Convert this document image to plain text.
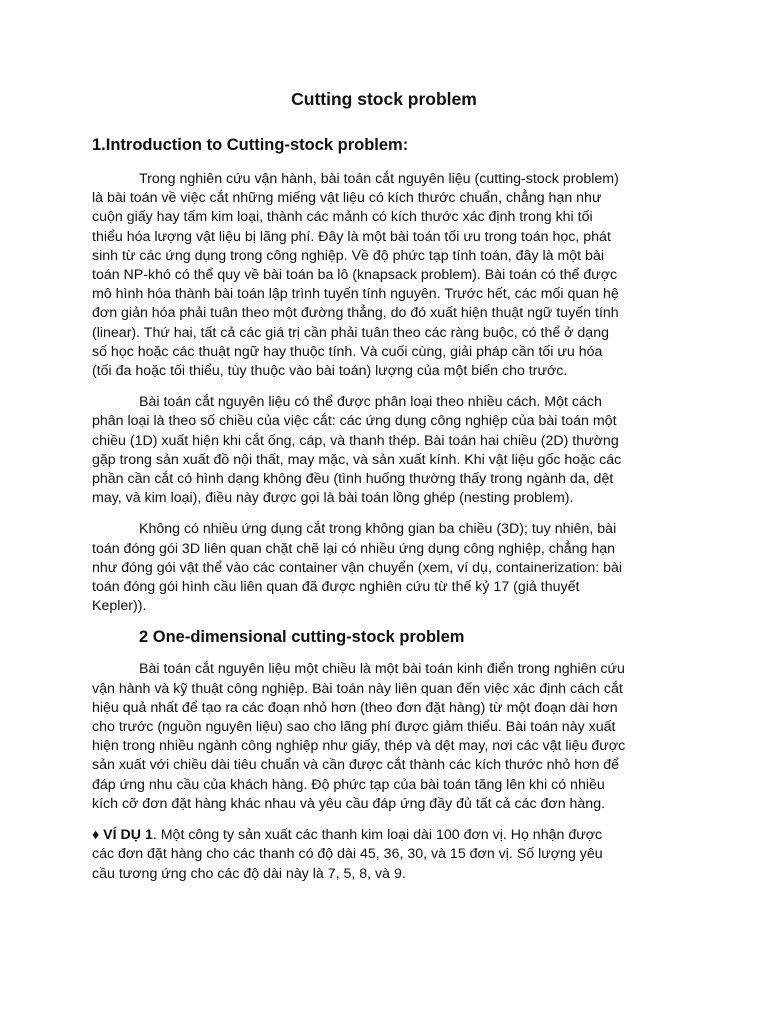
Cutting stock problem
1.Introduction to Cutting-stock problem:

Trong nghiên cứu vận hành, bài toán cắt nguyên liệu (cutting-stock problem)
là bài toán về việc cắt những miếng vật liệu có kích thước chuẩn, chẳng hạn như
cuộn giấy hay tấm kim loại, thành các mảnh có kích thước xác định trong khi tối
thiểu hóa lượng vật liệu bị lãng phí. Đây là một bài toán tối ưu trong toán học, phát
sinh từ các ứng dụng trong công nghiệp. Về độ phức tạp tính toán, đây là một bài
toán NP-khó có thể quy về bài toán ba lô (knapsack problem). Bài toán có thể được
mô hình hóa thành bài toán lập trình tuyến tính nguyên. Trước hết, các mối quan hệ
đơn giản hóa phải tuân theo một đường thẳng, do đó xuất hiện thuật ngữ tuyến tính
(linear). Thứ hai, tất cả các giá trị cần phải tuân theo các ràng buộc, có thể ở dạng
số học hoặc các thuật ngữ hay thuộc tính. Và cuối cùng, giải pháp cần tối ưu hóa
(tối đa hoặc tối thiểu, tùy thuộc vào bài toán) lượng của một biến cho trước.

Bài toán cắt nguyên liệu có thể được phân loại theo nhiều cách. Một cách
phân loại là theo số chiều của việc cắt: các ứng dụng công nghiệp của bài toán một
chiều (1D) xuất hiện khi cắt ống, cáp, và thanh thép. Bài toán hai chiều (2D) thường
gặp trong sản xuất đồ nội thất, may mặc, và sản xuất kính. Khi vật liệu gốc hoặc các
phần cần cắt có hình dạng không đều (tình huống thường thấy trong ngành da, dệt
may, và kim loại), điều này được gọi là bài toán lồng ghép (nesting problem).

Không có nhiều ứng dụng cắt trong không gian ba chiều (3D); tuy nhiên, bài
toán đóng gói 3D liên quan chặt chẽ lại có nhiều ứng dụng công nghiệp, chẳng hạn
như đóng gói vật thể vào các container vận chuyển (xem, ví dụ, containerization: bài
toán đóng gói hình cầu liên quan đã được nghiên cứu từ thế kỷ 17 (giả thuyết
Kepler)).

2 One-dimensional cutting-stock problem

Bài toán cắt nguyên liệu một chiều là một bài toán kinh điển trong nghiên cứu
vận hành và kỹ thuật công nghiệp. Bài toán này liên quan đến việc xác định cách cắt
hiệu quả nhất để tạo ra các đoạn nhỏ hơn (theo đơn đặt hàng) từ một đoạn dài hơn
cho trước (nguồn nguyên liệu) sao cho lãng phí được giảm thiểu. Bài toán này xuất
hiện trong nhiều ngành công nghiệp như giấy, thép và dệt may, nơi các vật liệu được
sản xuất với chiều dài tiêu chuẩn và cần được cắt thành các kích thước nhỏ hơn để
đáp ứng nhu cầu của khách hàng. Độ phức tạp của bài toán tăng lên khi có nhiều
kích cỡ đơn đặt hàng khác nhau và yêu cầu đáp ứng đầy đủ tất cả các đơn hàng.

♦ VÍ DỤ 1. Một công ty sản xuất các thanh kim loại dài 100 đơn vị. Họ nhận được
các đơn đặt hàng cho các thanh có độ dài 45, 36, 30, và 15 đơn vị. Số lượng yêu
cầu tương ứng cho các độ dài này là 7, 5, 8, và 9.
